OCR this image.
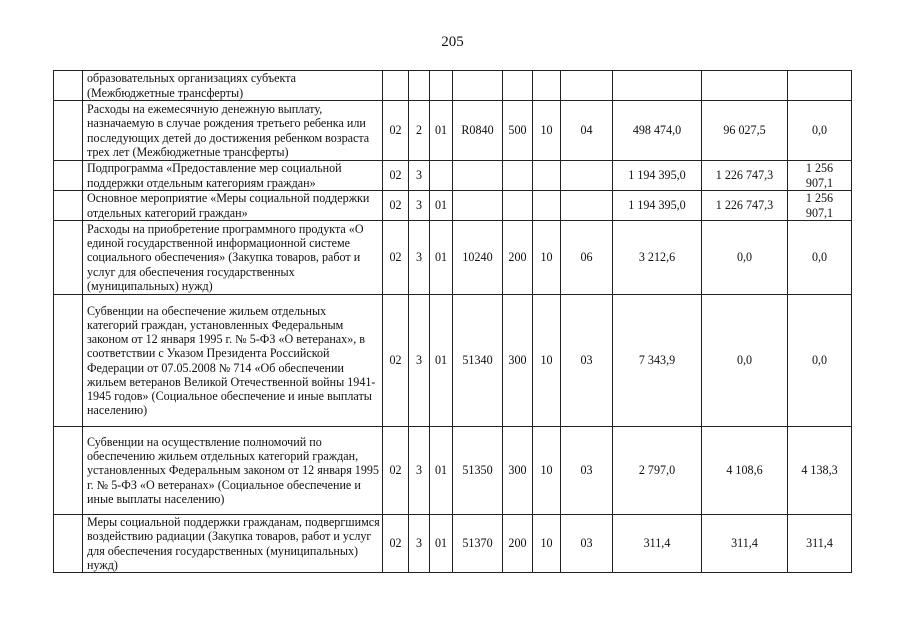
205
	образовательных организациях субъекта (Межбюджетные трансферты)										
	Расходы на ежемесячную денежную выплату, назначаемую в случае рождения третьего ребенка или последующих детей до достижения ребенком возраста трех лет (Межбюджетные трансферты)	02	2	01	R0840	500	10	04	498 474,0	96 027,5	0,0
	Подпрограмма «Предоставление мер социальной поддержки отдельным категориям граждан»	02	3						1 194 395,0	1 226 747,3	1 256 907,1
	Основное мероприятие «Меры социальной поддержки отдельных категорий граждан»	02	3	01					1 194 395,0	1 226 747,3	1 256 907,1
	Расходы на приобретение программного продукта «О единой государственной информационной системе социального обеспечения» (Закупка товаров, работ и услуг для обеспечения государственных (муниципальных) нужд)	02	3	01	10240	200	10	06	3 212,6	0,0	0,0
	Субвенции на обеспечение жильем отдельных категорий граждан, установленных Федеральным законом от 12 января 1995 г. № 5-ФЗ «О ветеранах», в соответствии с Указом Президента Российской Федерации от 07.05.2008 № 714 «Об обеспечении жильем ветеранов Великой Отечественной войны 1941-1945 годов» (Социальное обеспечение и иные выплаты населению)	02	3	01	51340	300	10	03	7 343,9	0,0	0,0
	Субвенции на осуществление полномочий по обеспечению жильем отдельных категорий граждан, установленных Федеральным законом от 12 января 1995 г. № 5-ФЗ «О ветеранах» (Социальное обеспечение и иные выплаты населению)	02	3	01	51350	300	10	03	2 797,0	4 108,6	4 138,3
	Меры социальной поддержки гражданам, подвергшимся воздействию радиации (Закупка товаров, работ и услуг для обеспечения государственных (муниципальных) нужд)	02	3	01	51370	200	10	03	311,4	311,4	311,4
